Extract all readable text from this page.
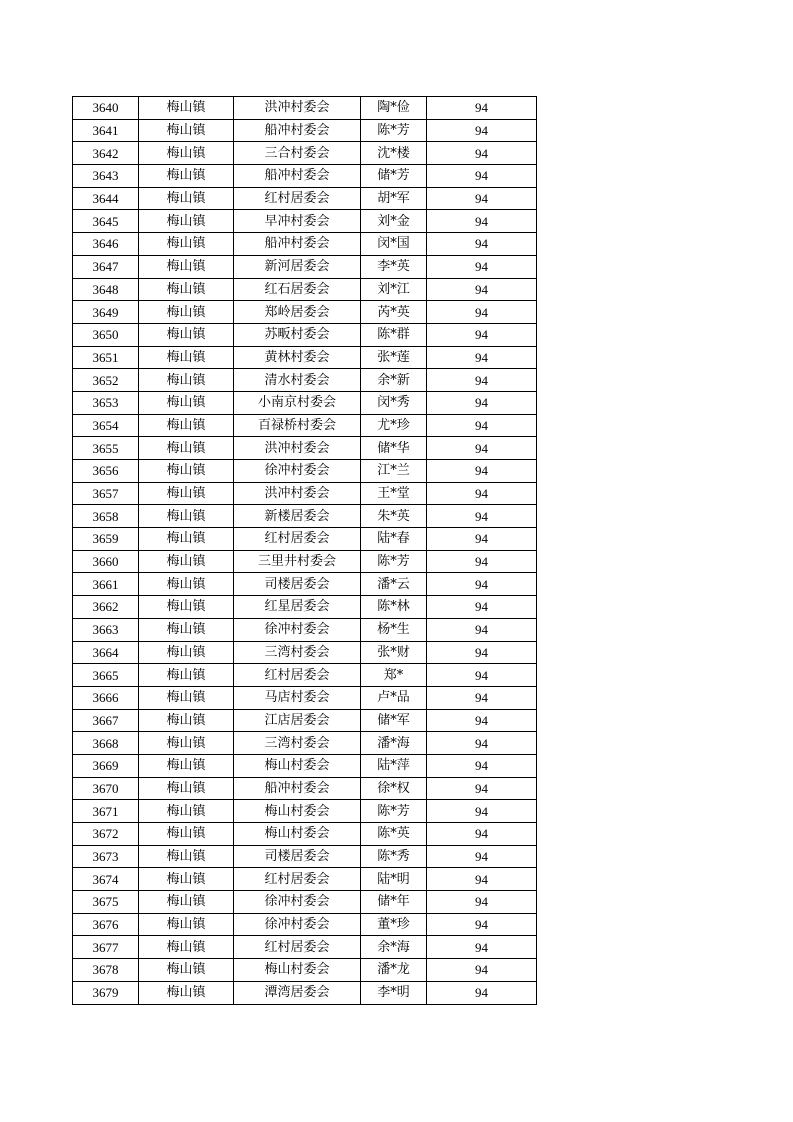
3640	梅山镇	洪冲村委会	陶*俭	94
3641	梅山镇	船冲村委会	陈*芳	94
3642	梅山镇	三合村委会	沈*楼	94
3643	梅山镇	船冲村委会	储*芳	94
3644	梅山镇	红村居委会	胡*军	94
3645	梅山镇	早冲村委会	刘*金	94
3646	梅山镇	船冲村委会	闵*国	94
3647	梅山镇	新河居委会	李*英	94
3648	梅山镇	红石居委会	刘*江	94
3649	梅山镇	郑岭居委会	芮*英	94
3650	梅山镇	苏畈村委会	陈*群	94
3651	梅山镇	黄林村委会	张*莲	94
3652	梅山镇	清水村委会	余*新	94
3653	梅山镇	小南京村委会	闵*秀	94
3654	梅山镇	百禄桥村委会	尤*珍	94
3655	梅山镇	洪冲村委会	储*华	94
3656	梅山镇	徐冲村委会	江*兰	94
3657	梅山镇	洪冲村委会	王*堂	94
3658	梅山镇	新楼居委会	朱*英	94
3659	梅山镇	红村居委会	陆*春	94
3660	梅山镇	三里井村委会	陈*芳	94
3661	梅山镇	司楼居委会	潘*云	94
3662	梅山镇	红星居委会	陈*林	94
3663	梅山镇	徐冲村委会	杨*生	94
3664	梅山镇	三湾村委会	张*财	94
3665	梅山镇	红村居委会	郑*	94
3666	梅山镇	马店村委会	卢*品	94
3667	梅山镇	江店居委会	储*军	94
3668	梅山镇	三湾村委会	潘*海	94
3669	梅山镇	梅山村委会	陆*萍	94
3670	梅山镇	船冲村委会	徐*权	94
3671	梅山镇	梅山村委会	陈*芳	94
3672	梅山镇	梅山村委会	陈*英	94
3673	梅山镇	司楼居委会	陈*秀	94
3674	梅山镇	红村居委会	陆*明	94
3675	梅山镇	徐冲村委会	储*年	94
3676	梅山镇	徐冲村委会	董*珍	94
3677	梅山镇	红村居委会	余*海	94
3678	梅山镇	梅山村委会	潘*龙	94
3679	梅山镇	潭湾居委会	李*明	94
